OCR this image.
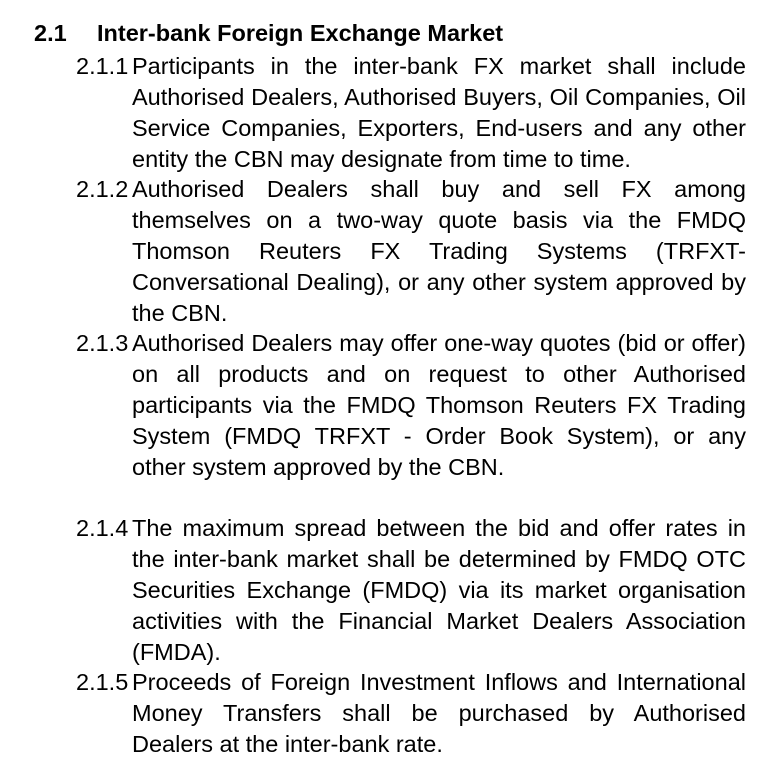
2.1 Inter-bank Foreign Exchange Market
2.1.1 Participants in the inter-bank FX market shall include Authorised Dealers, Authorised Buyers, Oil Companies, Oil Service Companies, Exporters, End-users and any other entity the CBN may designate from time to time.
2.1.2 Authorised Dealers shall buy and sell FX among themselves on a two-way quote basis via the FMDQ Thomson Reuters FX Trading Systems (TRFXT-Conversational Dealing), or any other system approved by the CBN.
2.1.3 Authorised Dealers may offer one-way quotes (bid or offer) on all products and on request to other Authorised participants via the FMDQ Thomson Reuters FX Trading System (FMDQ TRFXT - Order Book System), or any other system approved by the CBN.
2.1.4 The maximum spread between the bid and offer rates in the inter-bank market shall be determined by FMDQ OTC Securities Exchange (FMDQ) via its market organisation activities with the Financial Market Dealers Association (FMDA).
2.1.5 Proceeds of Foreign Investment Inflows and International Money Transfers shall be purchased by Authorised Dealers at the inter-bank rate.
